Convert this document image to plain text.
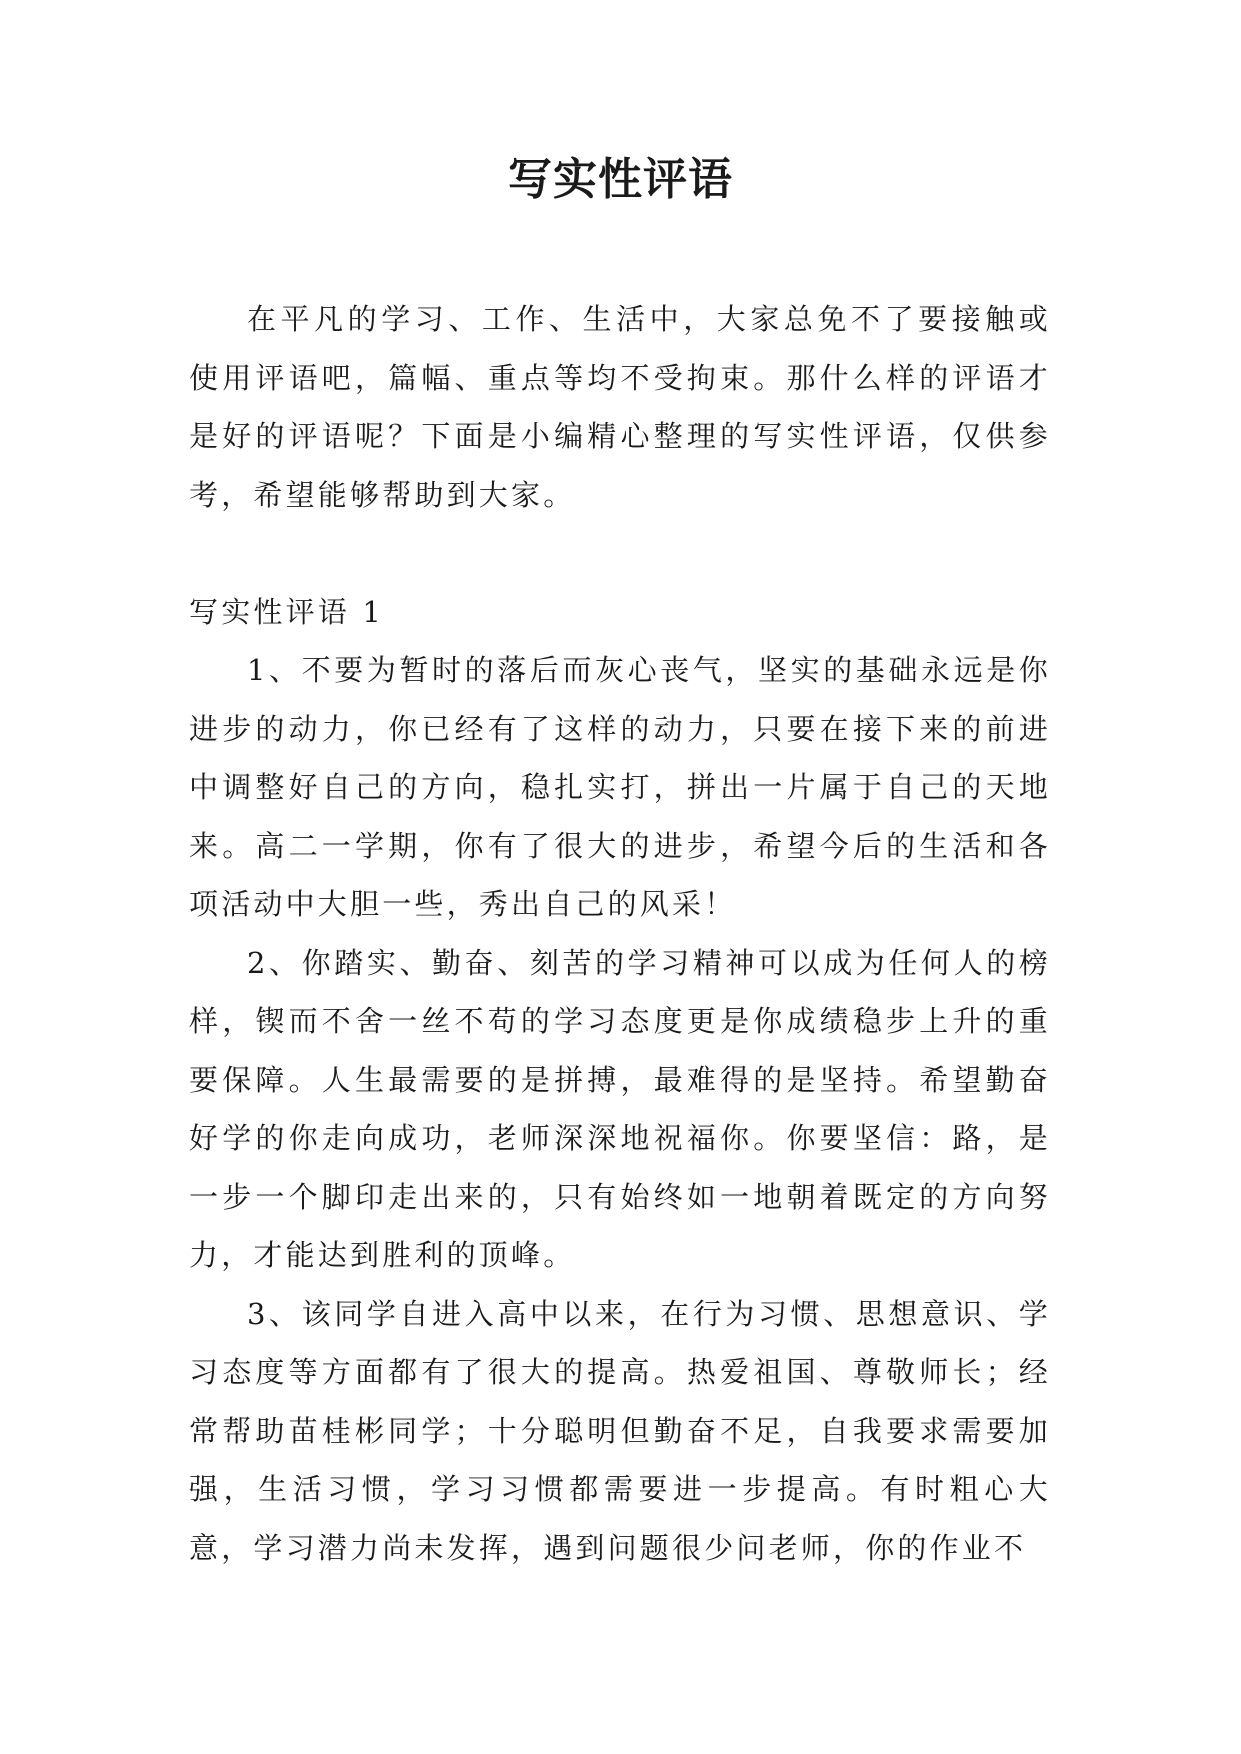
写实性评语

在平凡的学习、工作、生活中，大家总免不了要接触或使用评语吧，篇幅、重点等均不受拘束。那什么样的评语才是好的评语呢？下面是小编精心整理的写实性评语，仅供参考，希望能够帮助到大家。

写实性评语 1

1、不要为暂时的落后而灰心丧气，坚实的基础永远是你进步的动力，你已经有了这样的动力，只要在接下来的前进中调整好自己的方向，稳扎实打，拼出一片属于自己的天地来。高二一学期，你有了很大的进步，希望今后的生活和各项活动中大胆一些，秀出自己的风采！

2、你踏实、勤奋、刻苦的学习精神可以成为任何人的榜样，锲而不舍一丝不苟的学习态度更是你成绩稳步上升的重要保障。人生最需要的是拼搏，最难得的是坚持。希望勤奋好学的你走向成功，老师深深地祝福你。你要坚信：路，是一步一个脚印走出来的，只有始终如一地朝着既定的方向努力，才能达到胜利的顶峰。

3、该同学自进入高中以来，在行为习惯、思想意识、学习态度等方面都有了很大的提高。热爱祖国、尊敬师长；经常帮助苗桂彬同学；十分聪明但勤奋不足，自我要求需要加强，生活习惯，学习习惯都需要进一步提高。有时粗心大意，学习潜力尚未发挥，遇到问题很少问老师，你的作业不
